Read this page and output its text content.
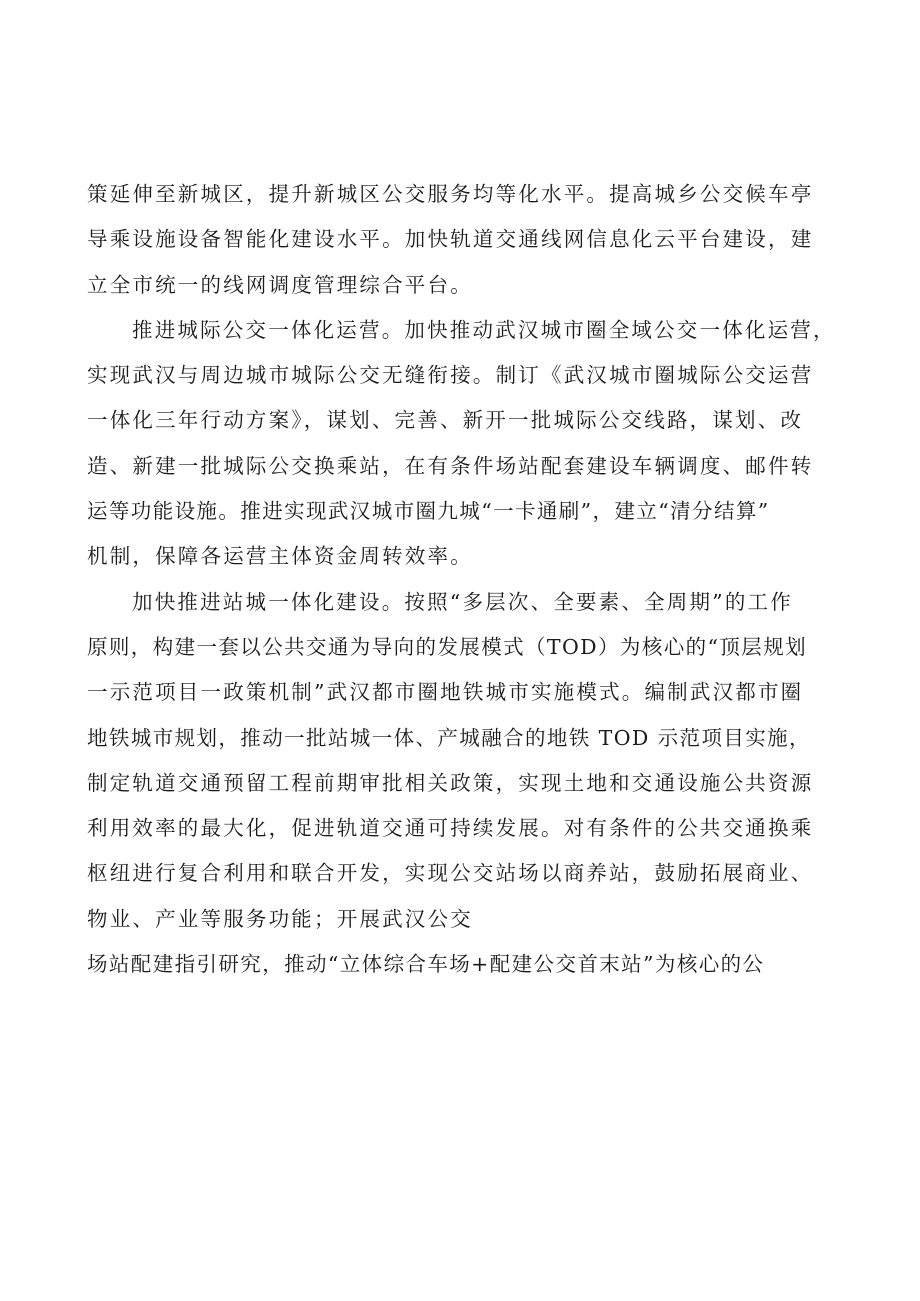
策延伸至新城区，提升新城区公交服务均等化水平。提高城乡公交候车亭
导乘设施设备智能化建设水平。加快轨道交通线网信息化云平台建设，建
立全市统一的线网调度管理综合平台。
推进城际公交一体化运营。加快推动武汉城市圈全域公交一体化运营，
实现武汉与周边城市城际公交无缝衔接。制订《武汉城市圈城际公交运营
一体化三年行动方案》，谋划、完善、新开一批城际公交线路，谋划、改
造、新建一批城际公交换乘站，在有条件场站配套建设车辆调度、邮件转
运等功能设施。推进实现武汉城市圈九城“一卡通刷”，建立“清分结算”
机制，保障各运营主体资金周转效率。
加快推进站城一体化建设。按照“多层次、全要素、全周期”的工作
原则，构建一套以公共交通为导向的发展模式（TOD）为核心的“顶层规划
一示范项目一政策机制”武汉都市圈地铁城市实施模式。编制武汉都市圈
地铁城市规划，推动一批站城一体、产城融合的地铁 TOD 示范项目实施，
制定轨道交通预留工程前期审批相关政策，实现土地和交通设施公共资源
利用效率的最大化，促进轨道交通可持续发展。对有条件的公共交通换乘
枢纽进行复合利用和联合开发，实现公交站场以商养站，鼓励拓展商业、
物业、产业等服务功能；开展武汉公交
场站配建指引研究，推动“立体综合车场+配建公交首末站”为核心的公
